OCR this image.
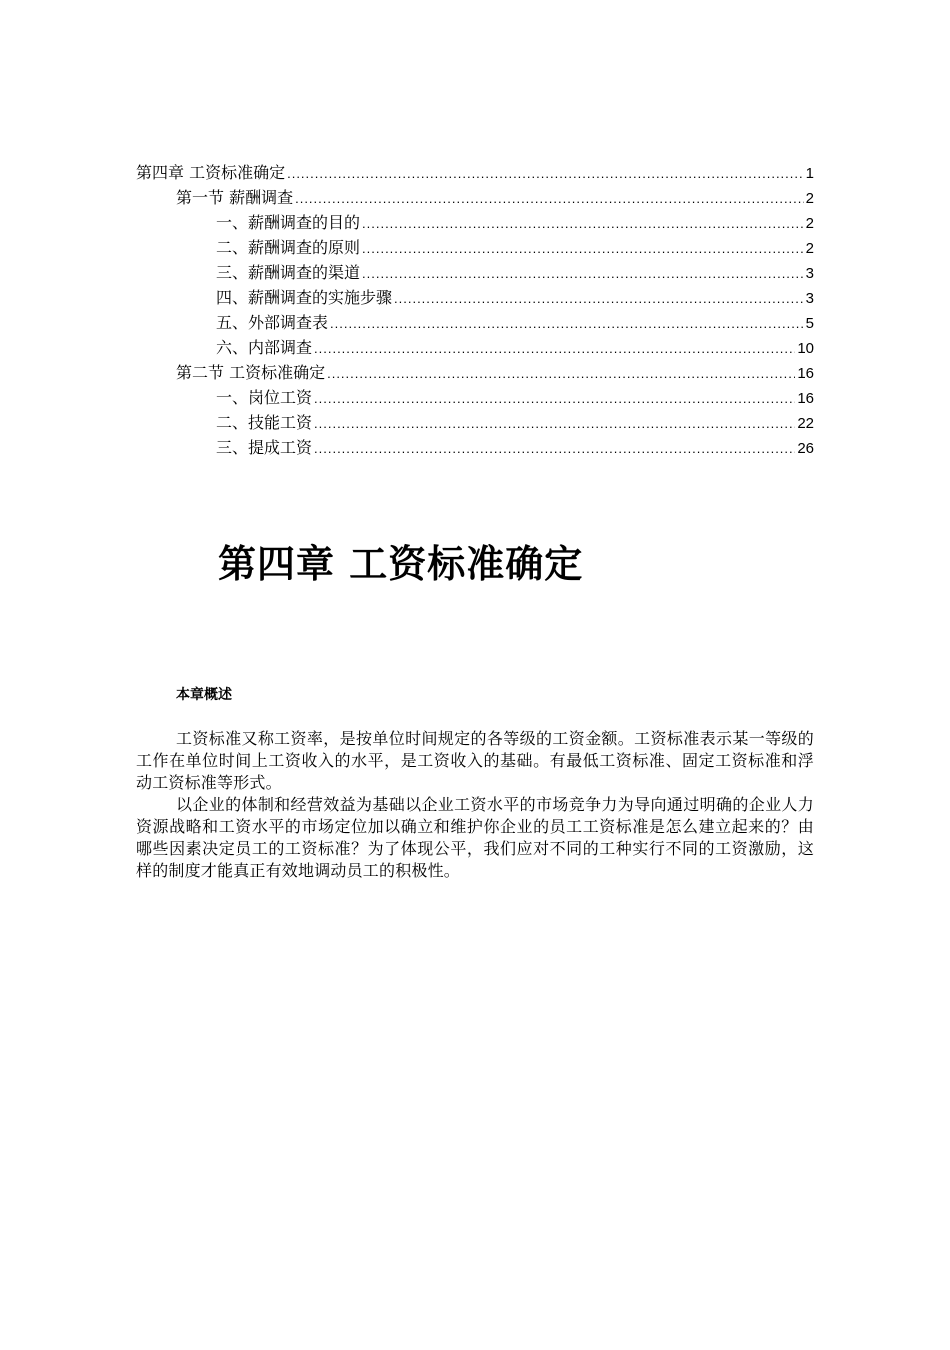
第四章 工资标准确定 .....	1
第一节 薪酬调查 .....	2
一、薪酬调查的目的 .....	2
二、薪酬调查的原则 .....	2
三、薪酬调查的渠道 .....	3
四、薪酬调查的实施步骤 .....	3
五、外部调查表 .....	5
六、内部调查 .....	10
第二节 工资标准确定 .....	16
一、岗位工资 .....	16
二、技能工资 .....	22
三、提成工资 .....	26
第四章 工资标准确定
本章概述

工资标准又称工资率，是按单位时间规定的各等级的工资金额。工资标准表示某一等级的工作在单位时间上工资收入的水平，是工资收入的基础。有最低工资标准、固定工资标准和浮动工资标准等形式。

以企业的体制和经营效益为基础以企业工资水平的市场竞争力为导向通过明确的企业人力资源战略和工资水平的市场定位加以确立和维护你企业的员工工资标准是怎么建立起来的？由哪些因素决定员工的工资标准？为了体现公平，我们应对不同的工种实行不同的工资激励，这样的制度才能真正有效地调动员工的积极性。
